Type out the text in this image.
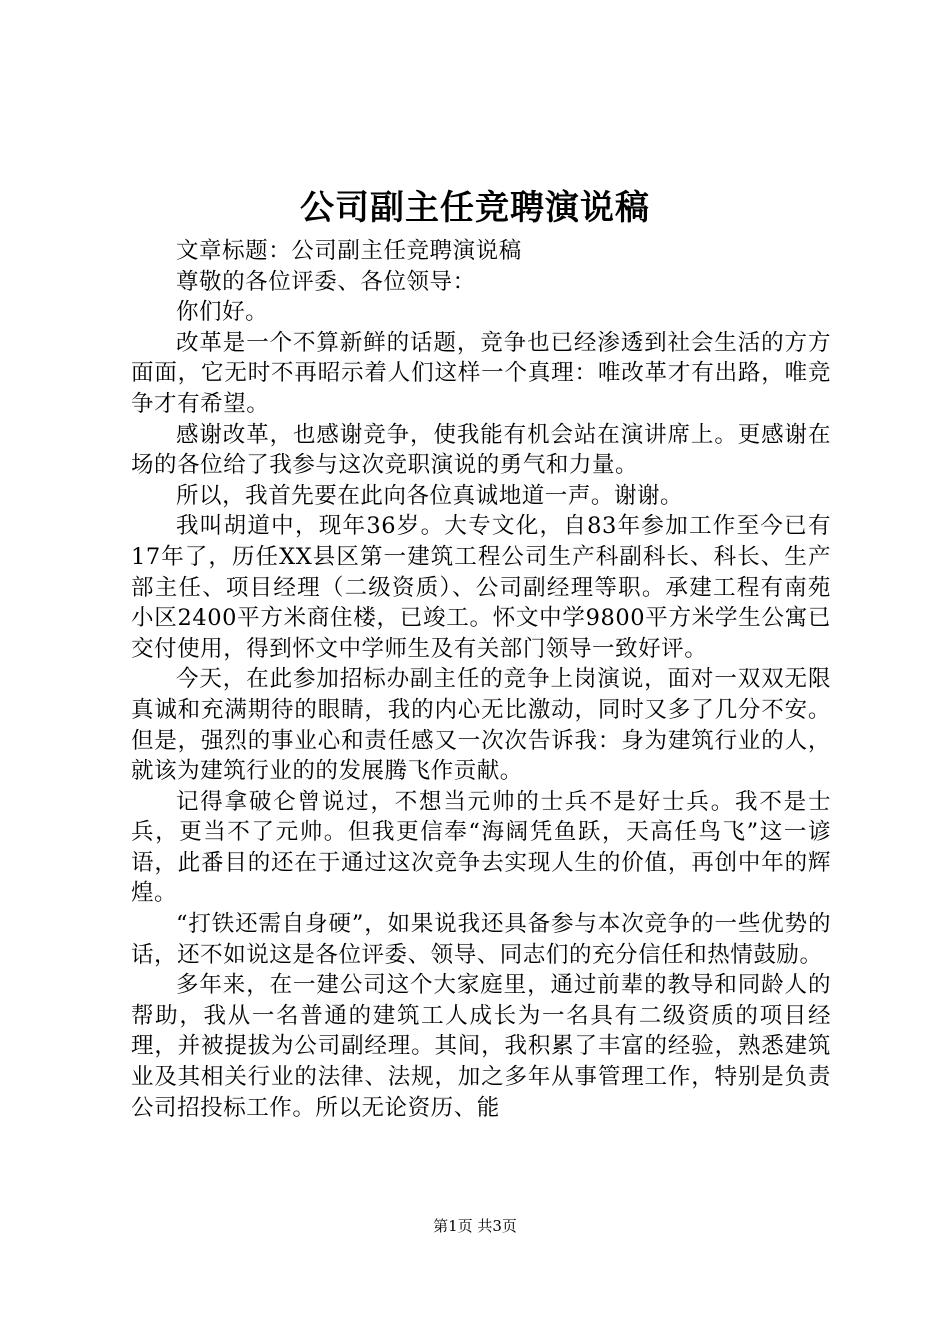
公司副主任竞聘演说稿

文章标题：公司副主任竞聘演说稿

尊敬的各位评委、各位领导：

你们好。

改革是一个不算新鲜的话题，竞争也已经渗透到社会生活的方方面面，它无时不再昭示着人们这样一个真理：唯改革才有出路，唯竞争才有希望。

感谢改革，也感谢竞争，使我能有机会站在演讲席上。更感谢在场的各位给了我参与这次竞职演说的勇气和力量。

所以，我首先要在此向各位真诚地道一声。谢谢。

我叫胡道中，现年36岁。大专文化，自83年参加工作至今已有17年了，历任XX县区第一建筑工程公司生产科副科长、科长、生产部主任、项目经理（二级资质）、公司副经理等职。承建工程有南苑小区2400平方米商住楼，已竣工。怀文中学9800平方米学生公寓已交付使用，得到怀文中学师生及有关部门领导一致好评。

今天，在此参加招标办副主任的竞争上岗演说，面对一双双无限真诚和充满期待的眼睛，我的内心无比激动，同时又多了几分不安。但是，强烈的事业心和责任感又一次次告诉我：身为建筑行业的人，就该为建筑行业的的发展腾飞作贡献。

记得拿破仑曾说过，不想当元帅的士兵不是好士兵。我不是士兵，更当不了元帅。但我更信奉“海阔凭鱼跃，天高任鸟飞”这一谚语，此番目的还在于通过这次竞争去实现人生的价值，再创中年的辉煌。

“打铁还需自身硬”，如果说我还具备参与本次竞争的一些优势的话，还不如说这是各位评委、领导、同志们的充分信任和热情鼓励。

多年来，在一建公司这个大家庭里，通过前辈的教导和同龄人的帮助，我从一名普通的建筑工人成长为一名具有二级资质的项目经理，并被提拔为公司副经理。其间，我积累了丰富的经验，熟悉建筑业及其相关行业的法律、法规，加之多年从事管理工作，特别是负责公司招投标工作。所以无论资历、能

第1页 共3页
